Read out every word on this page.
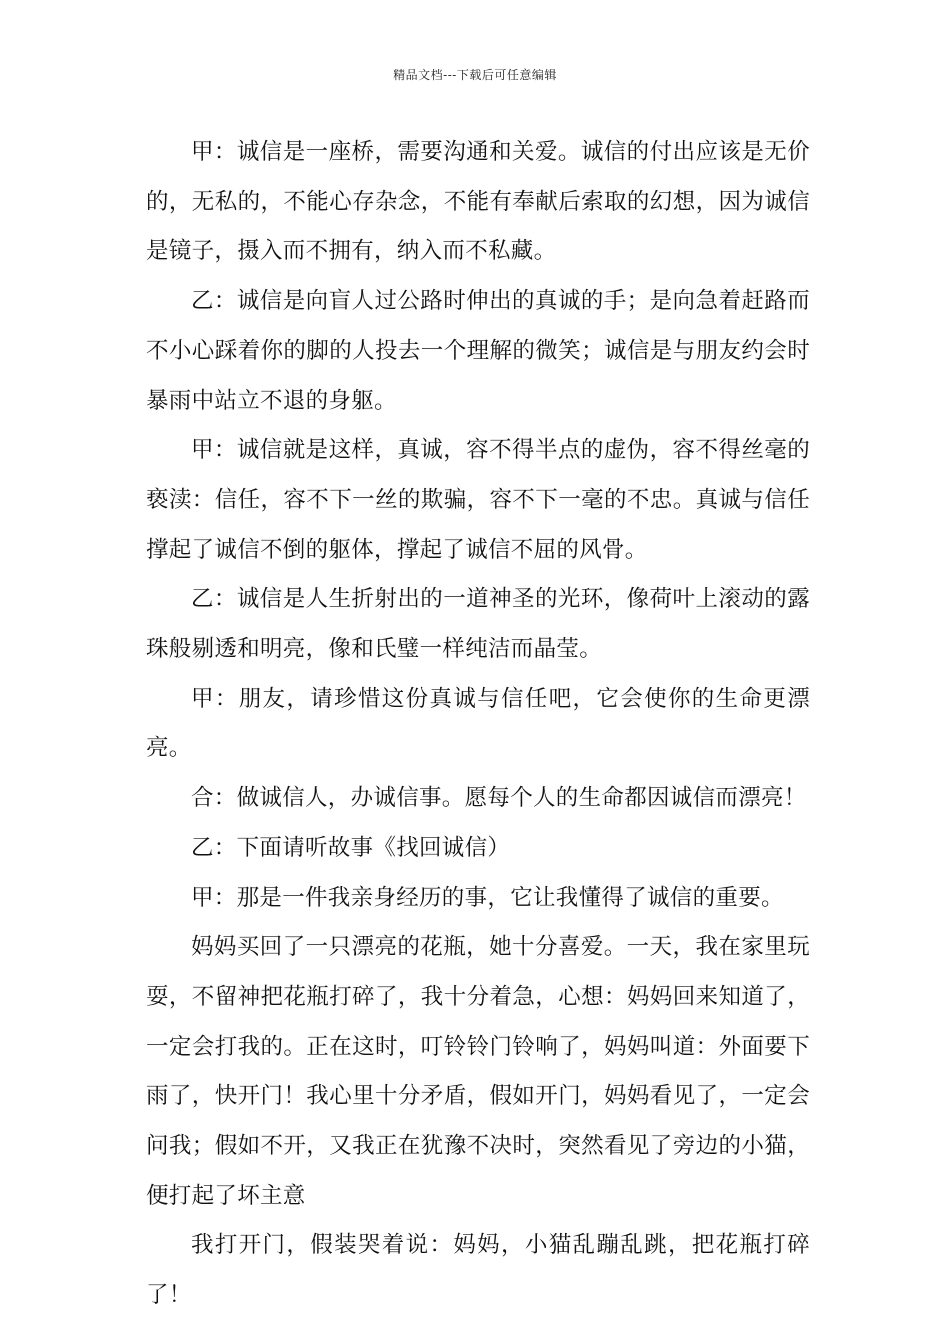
精品文档---下载后可任意编辑

甲：诚信是一座桥，需要沟通和关爱。诚信的付出应该是无价的，无私的，不能心存杂念，不能有奉献后索取的幻想，因为诚信是镜子，摄入而不拥有，纳入而不私藏。

乙：诚信是向盲人过公路时伸出的真诚的手；是向急着赶路而不小心踩着你的脚的人投去一个理解的微笑；诚信是与朋友约会时暴雨中站立不退的身躯。

甲：诚信就是这样，真诚，容不得半点的虚伪，容不得丝毫的亵渎：信任，容不下一丝的欺骗，容不下一毫的不忠。真诚与信任撑起了诚信不倒的躯体，撑起了诚信不屈的风骨。

乙：诚信是人生折射出的一道神圣的光环，像荷叶上滚动的露珠般剔透和明亮，像和氏璧一样纯洁而晶莹。

甲：朋友，请珍惜这份真诚与信任吧，它会使你的生命更漂亮。

合：做诚信人，办诚信事。愿每个人的生命都因诚信而漂亮！

乙：下面请听故事《找回诚信）

甲：那是一件我亲身经历的事，它让我懂得了诚信的重要。

妈妈买回了一只漂亮的花瓶，她十分喜爱。一天，我在家里玩耍，不留神把花瓶打碎了，我十分着急，心想：妈妈回来知道了，一定会打我的。正在这时，叮铃铃门铃响了，妈妈叫道：外面要下雨了，快开门！我心里十分矛盾，假如开门，妈妈看见了，一定会问我；假如不开，又我正在犹豫不决时，突然看见了旁边的小猫，便打起了坏主意

我打开门，假装哭着说：妈妈，小猫乱蹦乱跳，把花瓶打碎了！
